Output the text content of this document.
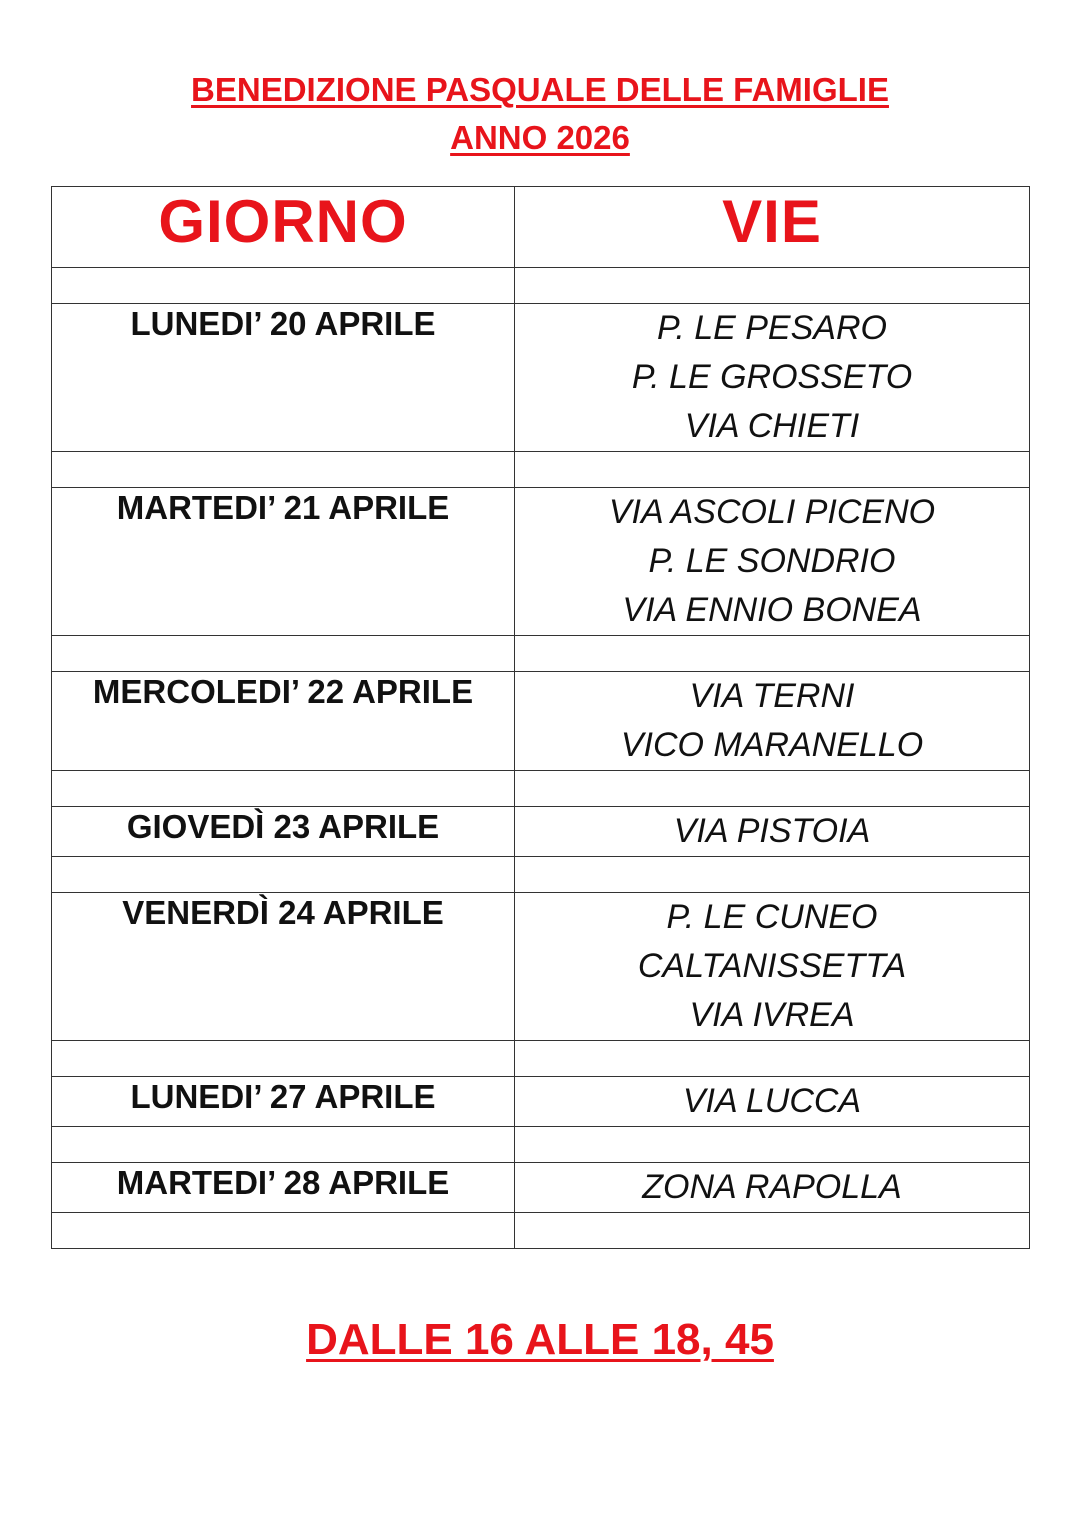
BENEDIZIONE PASQUALE DELLE FAMIGLIE
ANNO 2026
GIORNO	VIE

LUNEDI’ 20 APRILE	P. LE PESARO
P. LE GROSSETO
VIA CHIETI

MARTEDI’ 21 APRILE	VIA ASCOLI PICENO
P. LE SONDRIO
VIA ENNIO BONEA

MERCOLEDI’ 22 APRILE	VIA TERNI
VICO MARANELLO

GIOVEDÌ 23 APRILE	VIA PISTOIA

VENERDÌ 24 APRILE	P. LE CUNEO
CALTANISSETTA
VIA IVREA

LUNEDI’ 27 APRILE	VIA LUCCA

MARTEDI’ 28 APRILE	ZONA RAPOLLA

DALLE 16 ALLE 18, 45
